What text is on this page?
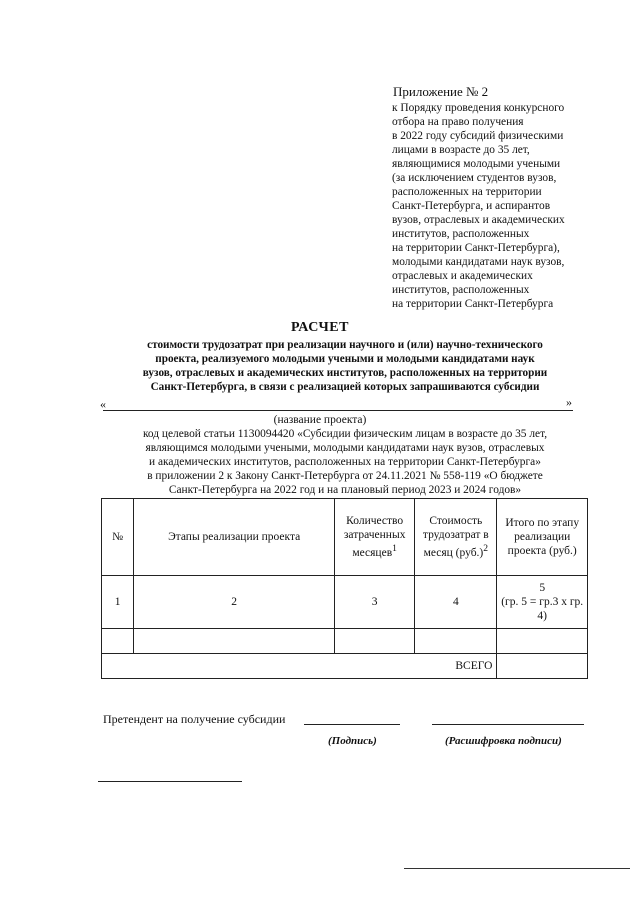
Приложение № 2
к Порядку проведения конкурсного
отбора на право получения
в 2022 году субсидий физическими
лицами в возрасте до 35 лет,
являющимися молодыми учеными
(за исключением студентов вузов,
расположенных на территории
Санкт-Петербурга, и аспирантов
вузов, отраслевых и академических
институтов, расположенных
на территории Санкт-Петербурга),
молодыми кандидатами наук вузов,
отраслевых и академических
институтов, расположенных
на территории Санкт-Петербурга
РАСЧЕТ
стоимости трудозатрат при реализации научного и (или) научно-технического
проекта, реализуемого молодыми учеными и молодыми кандидатами наук
вузов, отраслевых и академических институтов, расположенных на территории
Санкт-Петербурга, в связи с реализацией которых запрашиваются субсидии
«	»
(название проекта)
код целевой статьи 1130094420 «Субсидии физическим лицам в возрасте до 35 лет,
являющимся молодыми учеными, молодыми кандидатами наук вузов, отраслевых
и академических институтов, расположенных на территории Санкт-Петербурга»
в приложении 2 к Закону Санкт-Петербурга от 24.11.2021 № 558-119 «О бюджете
Санкт-Петербурга на 2022 год и на плановый период 2023 и 2024 годов»
№	Этапы реализации проекта	Количество затраченных месяцев$^1$	Стоимость трудозатрат в месяц $(руб.)^2$	Итого по этапу реализации проекта (руб.)
1	2	3	4	5
(гр. 5 = гр.3 х гр. 4)

ВСЕГО				
Претендент на получение субсидии
(Подпись)	(Расшифровка подписи)
